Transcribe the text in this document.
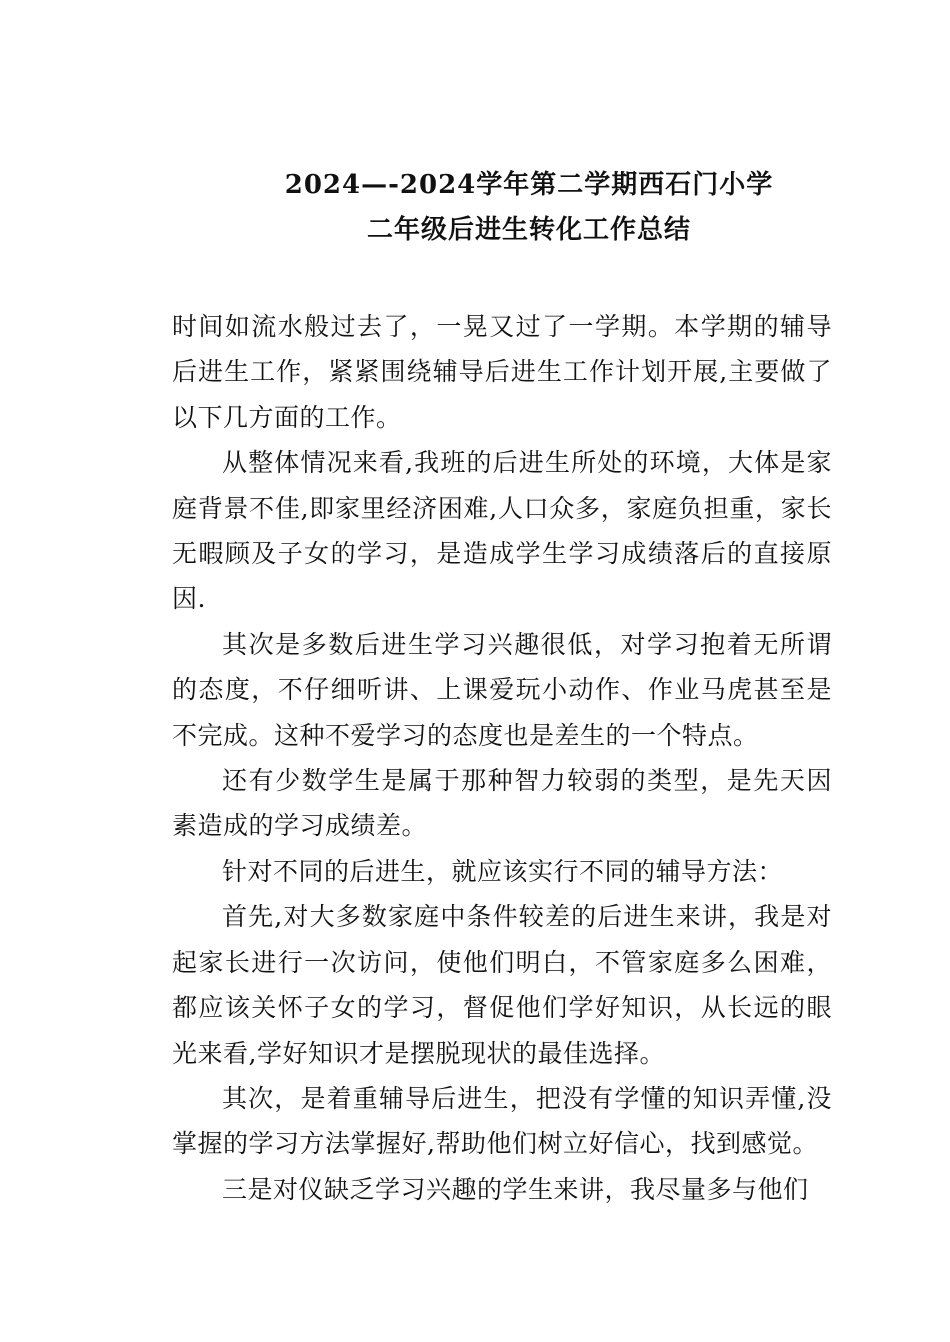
2024—-2024学年第二学期西石门小学
二年级后进生转化工作总结

时间如流水般过去了，一晃又过了一学期。本学期的辅导后进生工作，紧紧围绕辅导后进生工作计划开展,主要做了以下几方面的工作。

从整体情况来看,我班的后进生所处的环境，大体是家庭背景不佳,即家里经济困难,人口众多，家庭负担重，家长无暇顾及子女的学习，是造成学生学习成绩落后的直接原因.

其次是多数后进生学习兴趣很低，对学习抱着无所谓的态度，不仔细听讲、上课爱玩小动作、作业马虎甚至是不完成。这种不爱学习的态度也是差生的一个特点。

还有少数学生是属于那种智力较弱的类型，是先天因素造成的学习成绩差。

针对不同的后进生，就应该实行不同的辅导方法：

首先,对大多数家庭中条件较差的后进生来讲，我是对起家长进行一次访问，使他们明白，不管家庭多么困难，都应该关怀子女的学习，督促他们学好知识，从长远的眼光来看,学好知识才是摆脱现状的最佳选择。

其次，是着重辅导后进生，把没有学懂的知识弄懂,没掌握的学习方法掌握好,帮助他们树立好信心，找到感觉。

三是对仪缺乏学习兴趣的学生来讲，我尽量多与他们
